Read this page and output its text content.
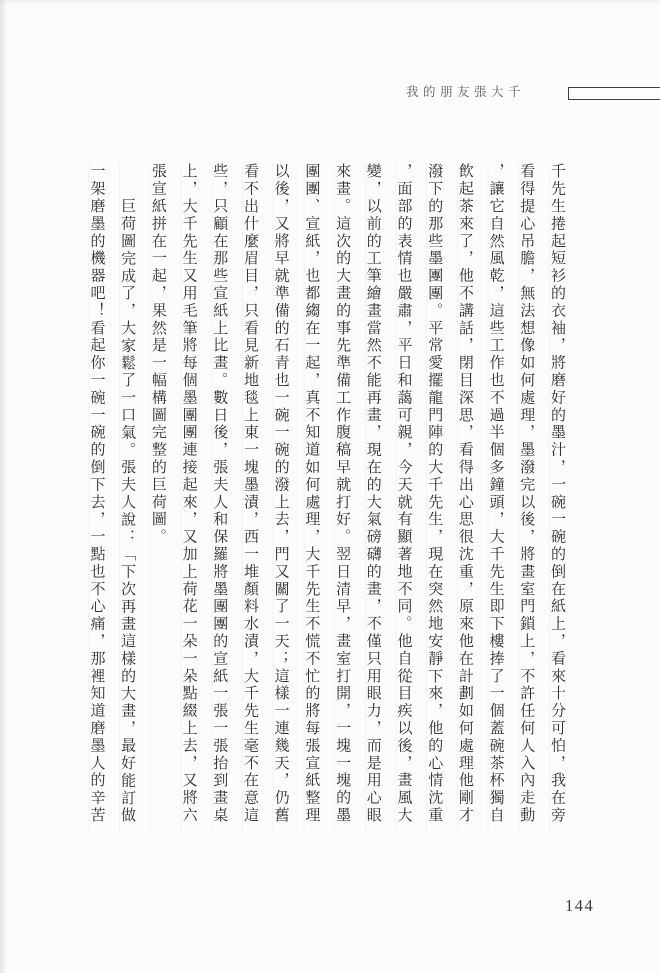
我的朋友張大千
千先生捲起短衫的衣袖，將磨好的墨汁，一碗一碗的倒在紙上，看來十分可怕，我在旁
看得提心吊膽，無法想像如何處理，墨潑完以後，將畫室門鎖上，不許任何人入內走動
，讓它自然風乾，這些工作也不過半個多鐘頭，大千先生即下樓捧了一個蓋碗茶杯獨自
飲起茶來了，他不講話，閉目深思，看得出心思很沈重，原來他在計劃如何處理他剛才
潑下的那些墨團團。平常愛擺龍門陣的大千先生，現在突然地安靜下來，他的心情沈重
，面部的表情也嚴肅，平日和藹可親，今天就有顯著地不同。他自從目疾以後，畫風大
變，以前的工筆繪畫當然不能再畫，現在的大氣磅礴的畫，不僅只用眼力，而是用心眼
來畫。這次的大畫的事先準備工作腹稿早就打好。翌日清早，畫室打開，一塊一塊的墨
團團、宣紙，也都縐在一起，真不知道如何處理，大千先生不慌不忙的將每張宣紙整理
以後，又將早就準備的石青也一碗一碗的潑上去，門又關了一天；這樣一連幾天，仍舊
看不出什麼眉目，只看見新地毯上東一塊墨漬，西一堆顏料水漬，大千先生毫不在意這
些，只顧在那些宣紙上比畫。數日後，張夫人和保羅將墨團團的宣紙一張一張抬到畫桌
上，大千先生又用毛筆將每個墨團團連接起來，又加上荷花一朵一朵點綴上去，又將六
張宣紙拼在一起，果然是一幅構圖完整的巨荷圖。
巨荷圖完成了，大家鬆了一口氣。張夫人說：「下次再畫這樣的大畫，最好能訂做
一架磨墨的機器吧！看起你一碗一碗的倒下去，一點也不心痛，那裡知道磨墨人的辛苦
144
